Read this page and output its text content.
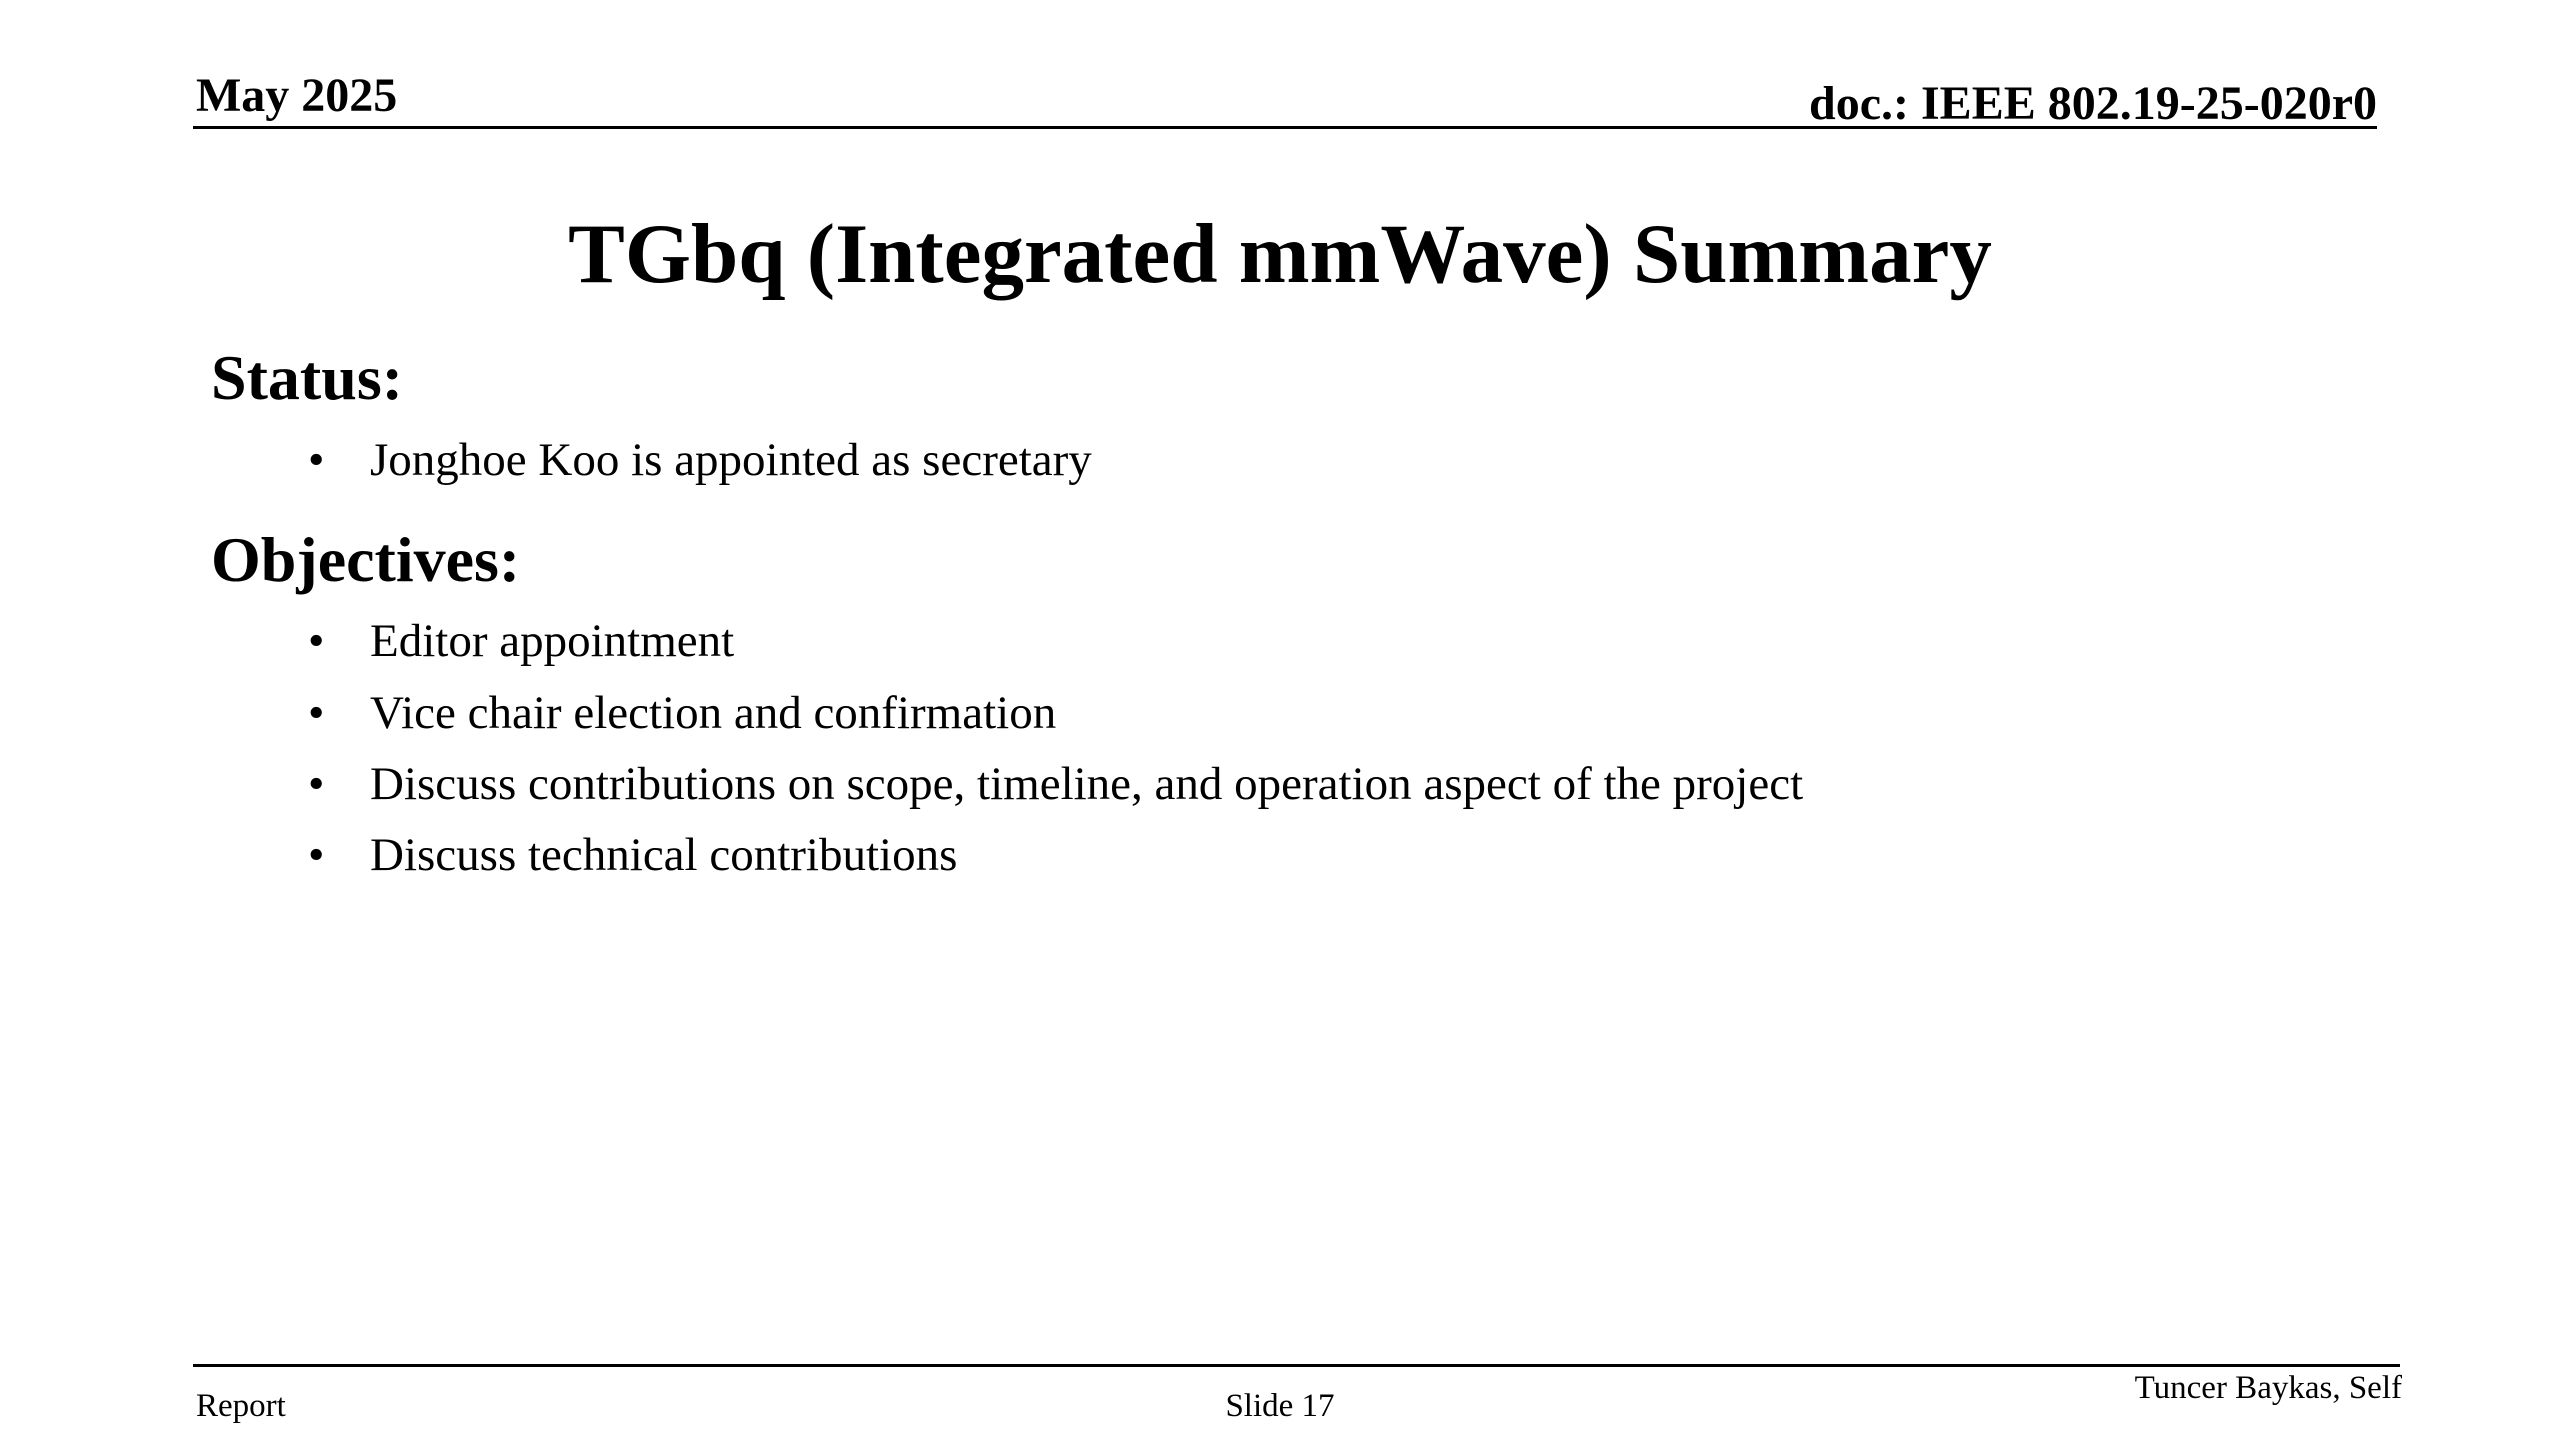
May 2025	doc.: IEEE 802.19-25-020r0
TGbq (Integrated mmWave) Summary
Status:
• Jonghoe Koo is appointed as secretary
Objectives:
• Editor appointment
• Vice chair election and confirmation
• Discuss contributions on scope, timeline, and operation aspect of the project
• Discuss technical contributions
Report	Slide 17	Tuncer Baykas, Self
